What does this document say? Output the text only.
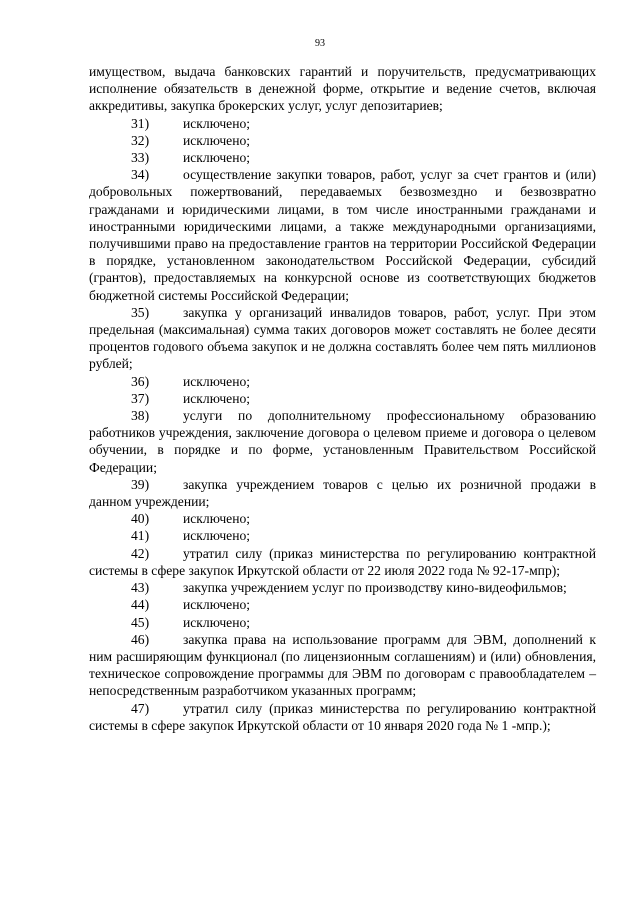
93

имуществом, выдача банковских гарантий и поручительств, предусматривающих исполнение обязательств в денежной форме, открытие и ведение счетов, включая аккредитивы, закупка брокерских услуг, услуг депозитариев;

31) исключено;

32) исключено;

33) исключено;

34) осуществление закупки товаров, работ, услуг за счет грантов и (или) добровольных пожертвований, передаваемых безвозмездно и безвозвратно гражданами и юридическими лицами, в том числе иностранными гражданами и иностранными юридическими лицами, а также международными организациями, получившими право на предоставление грантов на территории Российской Федерации в порядке, установленном законодательством Российской Федерации, субсидий (грантов), предоставляемых на конкурсной основе из соответствующих бюджетов бюджетной системы Российской Федерации;

35) закупка у организаций инвалидов товаров, работ, услуг. При этом предельная (максимальная) сумма таких договоров может составлять не более десяти процентов годового объема закупок и не должна составлять более чем пять миллионов рублей;

36) исключено;

37) исключено;

38) услуги по дополнительному профессиональному образованию работников учреждения, заключение договора о целевом приеме и договора о целевом обучении, в порядке и по форме, установленным Правительством Российской Федерации;

39) закупка учреждением товаров с целью их розничной продажи в данном учреждении;

40) исключено;

41) исключено;

42) утратил силу (приказ министерства по регулированию контрактной системы в сфере закупок Иркутской области от 22 июля 2022 года № 92-17-мпр);

43) закупка учреждением услуг по производству кино-видеофильмов;

44) исключено;

45) исключено;

46) закупка права на использование программ для ЭВМ, дополнений к ним расширяющим функционал (по лицензионным соглашениям) и (или) обновления, техническое сопровождение программы для ЭВМ по договорам с правообладателем – непосредственным разработчиком указанных программ;

47) утратил силу (приказ министерства по регулированию контрактной системы в сфере закупок Иркутской области от 10 января 2020 года № 1 -мпр.);
